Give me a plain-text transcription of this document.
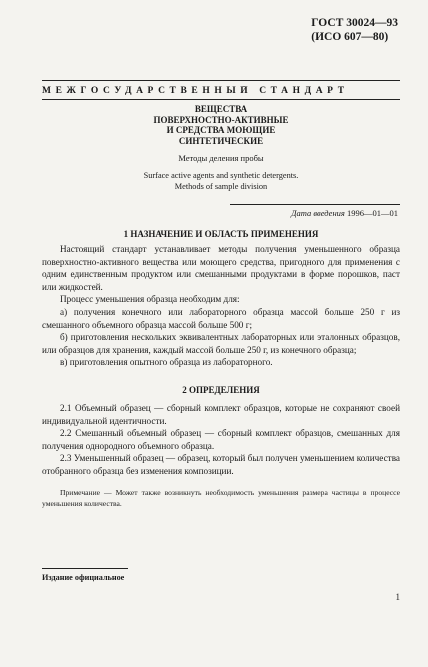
ГОСТ 30024—93
(ИСО 607—80)
МЕЖГОСУДАРСТВЕННЫЙ СТАНДАРТ
ВЕЩЕСТВА
ПОВЕРХНОСТНО-АКТИВНЫЕ
И СРЕДСТВА МОЮЩИЕ
СИНТЕТИЧЕСКИЕ
Методы деления пробы
Surface active agents and synthetic detergents.
Methods of sample division
Дата введения 1996—01—01
1 НАЗНАЧЕНИЕ И ОБЛАСТЬ ПРИМЕНЕНИЯ

Настоящий стандарт устанавливает методы получения уменьшенного образца поверхностно-активного вещества или моющего средства, пригодного для применения с одним единственным продуктом или смешанными продуктами в форме порошков, паст или жидкостей.

Процесс уменьшения образца необходим для:

а) получения конечного или лабораторного образца массой больше 250 г из смешанного объемного образца массой больше 500 г;

б) приготовления нескольких эквивалентных лабораторных или эталонных образцов, или образцов для хранения, каждый массой больше 250 г, из конечного образца;

в) приготовления опытного образца из лабораторного.

2 ОПРЕДЕЛЕНИЯ

2.1 Объемный образец — сборный комплект образцов, которые не сохраняют своей индивидуальной идентичности.

2.2 Смешанный объемный образец — сборный комплект образцов, смешанных для получения однородного объемного образца.

2.3 Уменьшенный образец — образец, который был получен уменьшением количества отобранного образца без изменения композиции.

Примечание — Может также возникнуть необходимость уменьшения размера частицы в процессе уменьшения количества.

Издание официальное
1
